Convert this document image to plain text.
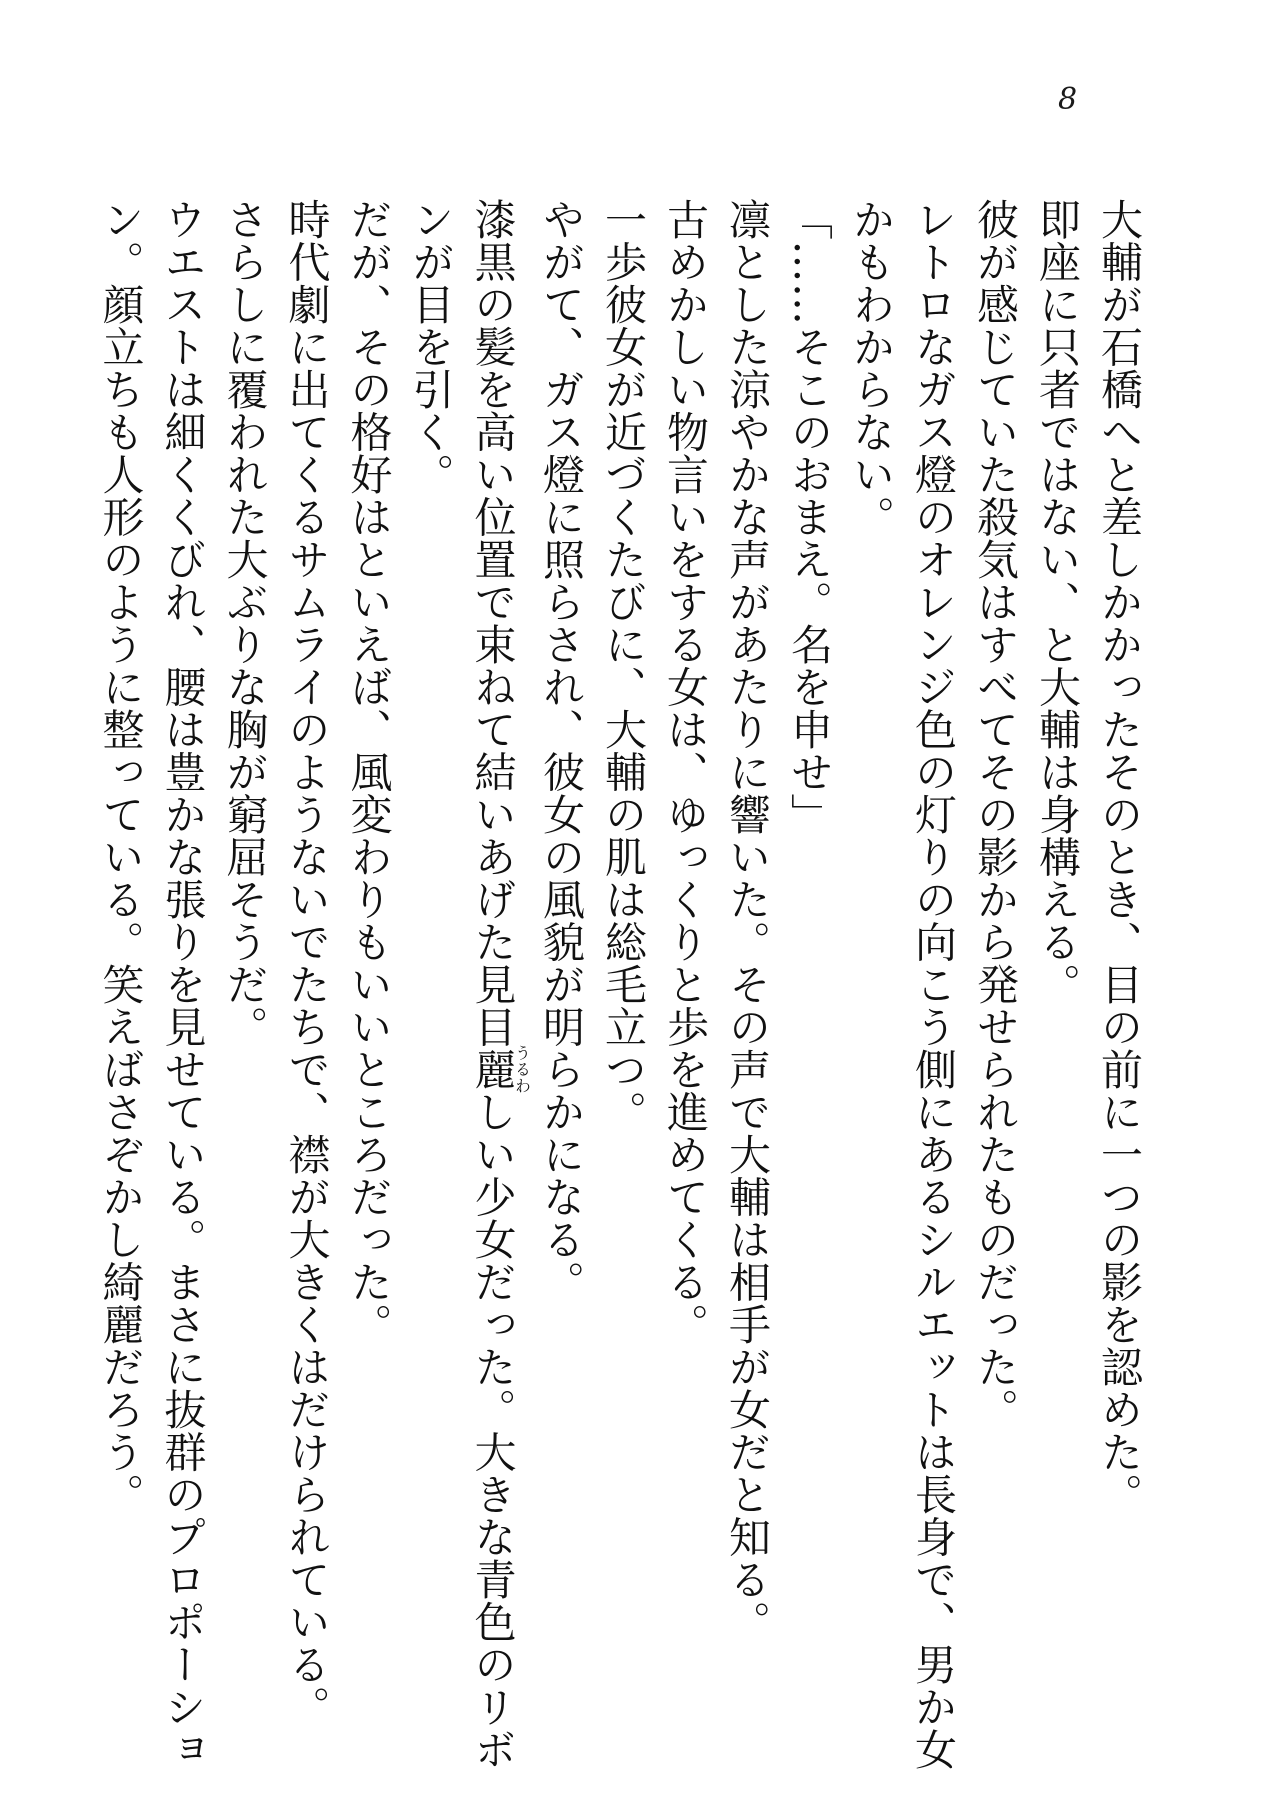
8
大輔が石橋へと差しかかったそのとき、目の前に一つの影を認めた。
即座に只者ではない、と大輔は身構える。
彼が感じていた殺気はすべてその影から発せられたものだった。
レトロなガス燈のオレンジ色の灯りの向こう側にあるシルエットは長身で、男か女
かもわからない。
「……そこのおまえ。名を申せ」
凛とした涼やかな声があたりに響いた。その声で大輔は相手が女だと知る。
古めかしい物言いをする女は、ゆっくりと歩を進めてくる。
一歩彼女が近づくたびに、大輔の肌は総毛立つ。
やがて、ガス燈に照らされ、彼女の風貌が明らかになる。
漆黒の髪を高い位置で束ねて結いあげた見目麗うるわしい少女だった。大きな青色のリボ
ンが目を引く。
だが、その格好はといえば、風変わりもいいところだった。
時代劇に出てくるサムライのようないでたちで、襟が大きくはだけられている。
さらしに覆われた大ぶりな胸が窮屈そうだ。
ウエストは細くくびれ、腰は豊かな張りを見せている。まさに抜群のプロポーショ
ン。顔立ちも人形のように整っている。笑えばさぞかし綺麗だろう。
